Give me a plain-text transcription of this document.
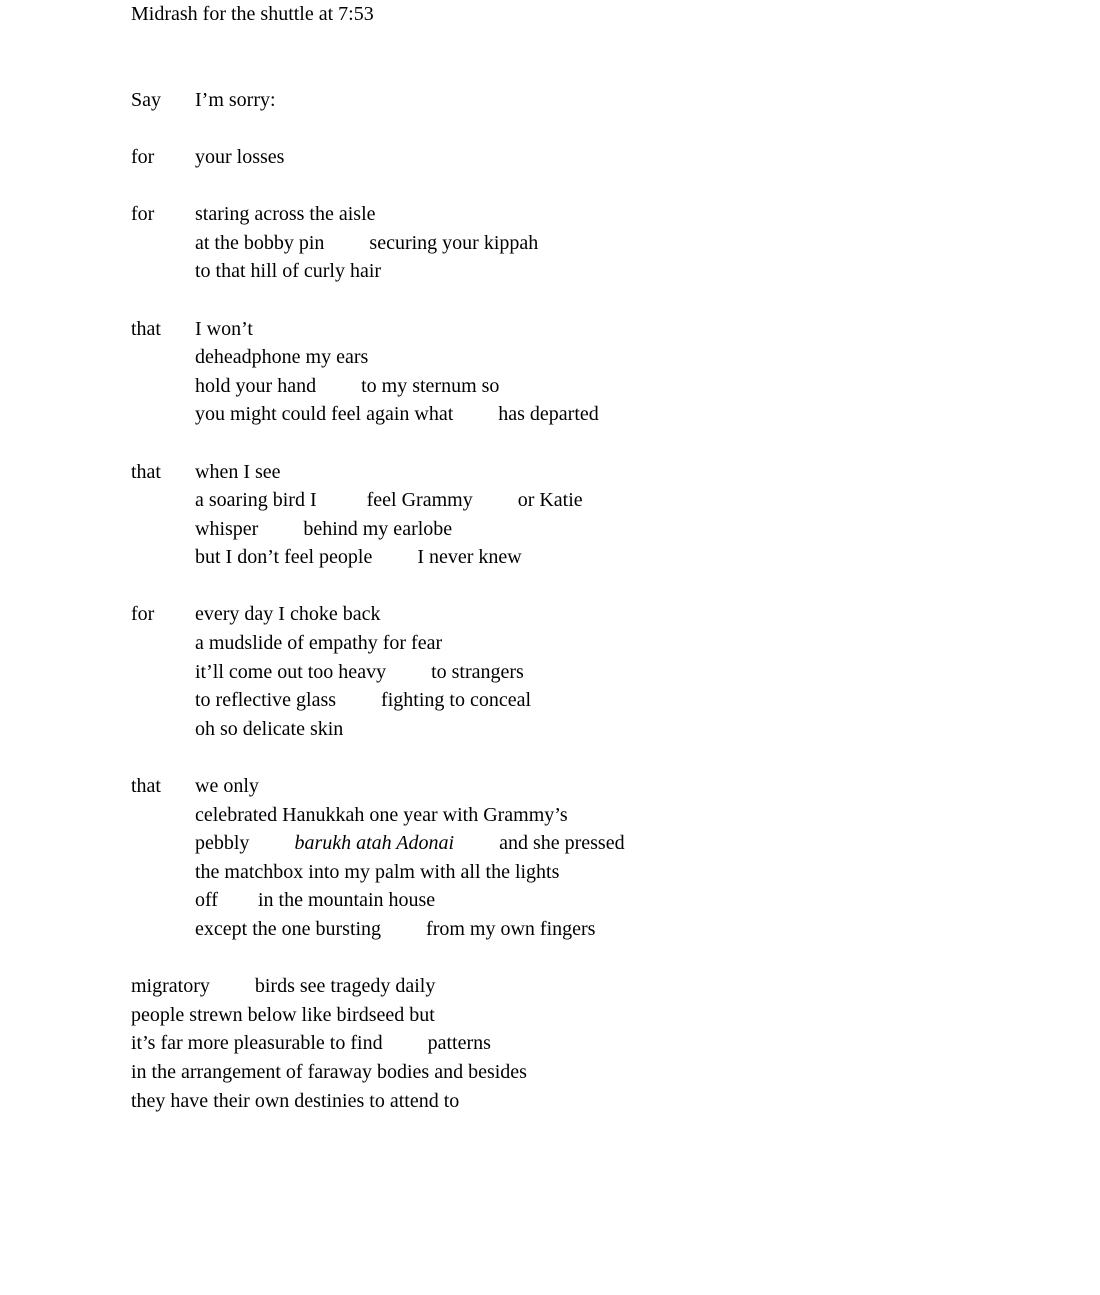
Midrash for the shuttle at 7:53
Say	I’m sorry:
for	your losses
for	staring across the aisle
at the bobby pin         securing your kippah
to that hill of curly hair
that	I won’t
deheadphone my ears
hold your hand         to my sternum so
you might could feel again what         has departed
that	when I see
a soaring bird I          feel Grammy         or Katie
whisper         behind my earlobe
but I don’t feel people         I never knew
for	every day I choke back
a mudslide of empathy for fear
it’ll come out too heavy         to strangers
to reflective glass         fighting to conceal
oh so delicate skin
that	we only
celebrated Hanukkah one year with Grammy’s
pebbly         barukh atah Adonai         and she pressed
the matchbox into my palm with all the lights
off        in the mountain house
except the one bursting         from my own fingers
migratory         birds see tragedy daily
people strewn below like birdseed but
it’s far more pleasurable to find         patterns
in the arrangement of faraway bodies and besides
they have their own destinies to attend to
